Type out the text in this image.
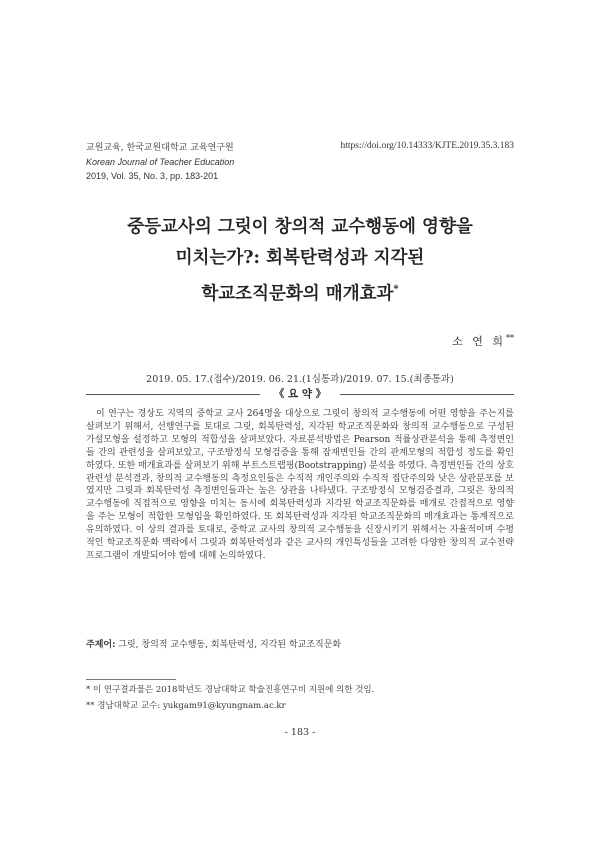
교원교육, 한국교원대학교 교육연구원
Korean Journal of Teacher Education
2019, Vol. 35, No. 3, pp. 183-201
https://doi.org/10.14333/KJTE.2019.35.3.183
중등교사의 그릿이 창의적 교수행동에 영향을
미치는가?: 회복탄력성과 지각된
학교조직문화의 매개효과*
소 연 희**
2019. 05. 17.(접수)/2019. 06. 21.(1심통과)/2019. 07. 15.(최종통과)
《 요 약 》

이 연구는 경상도 지역의 중학교 교사 264명을 대상으로 그릿이 창의적 교수행동에 어떤 영향을 주는지를 살펴보기 위해서, 선행연구를 토대로 그릿, 회복탄력성, 지각된 학교조직문화와 창의적 교수행동으로 구성된 가설모형을 설정하고 모형의 적합성을 살펴보았다. 자료분석방법은 Pearson 적률상관분석을 통해 측정변인들 간의 관련성을 살펴보았고, 구조방정식 모형검증을 통해 잠재변인들 간의 관계모형의 적합성 정도를 확인하였다. 또한 매개효과를 살펴보기 위해 부트스트랩핑(Bootstrapping) 분석을 하였다. 측정변인들 간의 상호관련성 분석결과, 창의적 교수행동의 측정요인들은 수직적 개인주의와 수직적 집단주의와 낮은 상관분포를 보였지만 그릿과 회복탄력성 측정변인들과는 높은 상관을 나타냈다. 구조방정식 모형검증결과, 그릿은 창의적 교수행동에 직접적으로 영향을 미치는 동시에 회복탄력성과 지각된 학교조직문화를 매개로 간접적으로 영향을 주는 모형이 적합한 모형임을 확인하였다. 또 회복탄력성과 지각된 학교조직문화의 매개효과는 통계적으로 유의하였다. 이 상의 결과를 토대로, 중학교 교사의 창의적 교수행동을 신장시키기 위해서는 자율적이며 수평적인 학교조직문화 맥락에서 그릿과 회복탄력성과 같은 교사의 개인특성들을 고려한 다양한 창의적 교수전략 프로그램이 개발되어야 함에 대해 논의하였다.

주제어: 그릿, 창의적 교수행동, 회복탄력성, 지각된 학교조직문화
* 이 연구결과물은 2018학년도 경남대학교 학술진흥연구비 지원에 의한 것임.
** 경남대학교 교수: yukgam91@kyungnam.ac.kr
- 183 -
